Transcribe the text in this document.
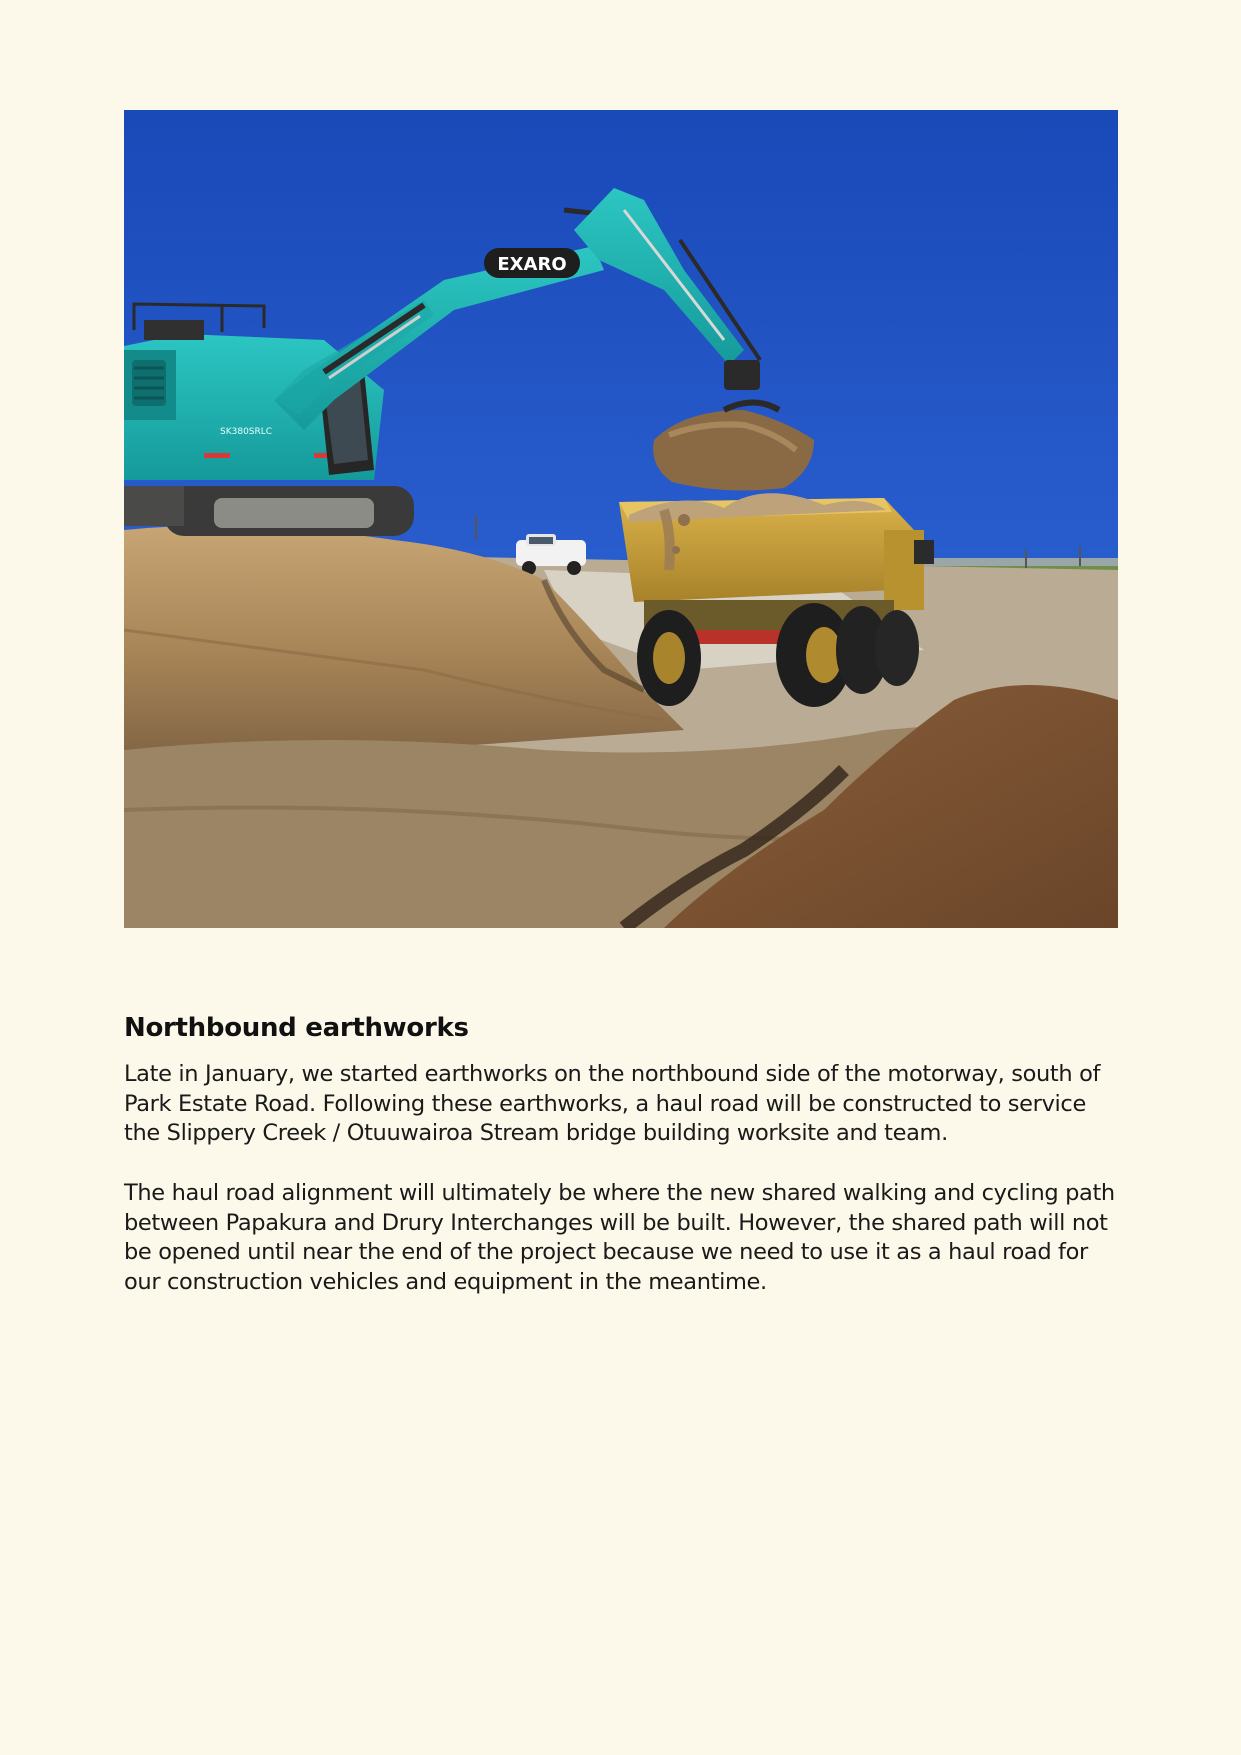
SK380SRLC
EXARO
Northbound earthworks

Late in January, we started earthworks on the northbound side of the motorway, south of Park Estate Road. Following these earthworks, a haul road will be constructed to service the Slippery Creek / Otuuwairoa Stream bridge building worksite and team.

The haul road alignment will ultimately be where the new shared walking and cycling path between Papakura and Drury Interchanges will be built. However, the shared path will not be opened until near the end of the project because we need to use it as a haul road for our construction vehicles and equipment in the meantime.
